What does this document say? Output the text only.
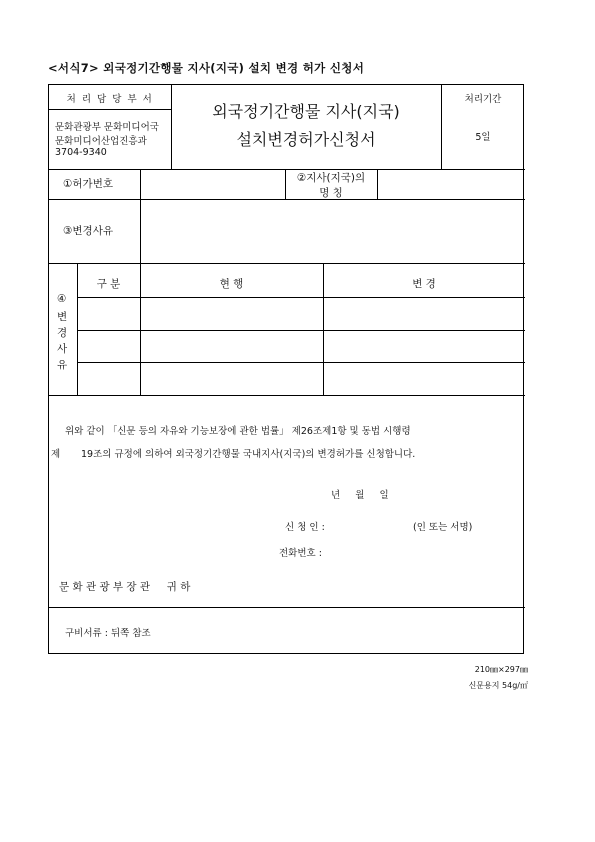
<서식7> 외국정기간행물 지사(지국) 설치 변경 허가 신청서
처 리 담 당 부 서
문화관광부 문화미디어국
문화미디어산업진흥과
3704-9340
외국정기간행물 지사(지국)
설치변경허가신청서
처리기간
5일
①허가번호	②지사(지국)의
명 칭
③변경사유
④
변
경
사
유
구 분	현 행	변 경
위와 같이 「신문 등의 자유와 기능보장에 관한 법률」 제26조제1항 및 동법 시행령
제 19조의 규정에 의하여 외국정기간행물 국내지사(지국)의 변경허가를 신청합니다.
년     월     일
신 청 인 :	(인 또는 서명)
전화번호 :
문 화 관 광 부 장 관     귀 하
구비서류 : 뒤쪽 참조
210㎜×297㎜
신문용지 54g/㎡
